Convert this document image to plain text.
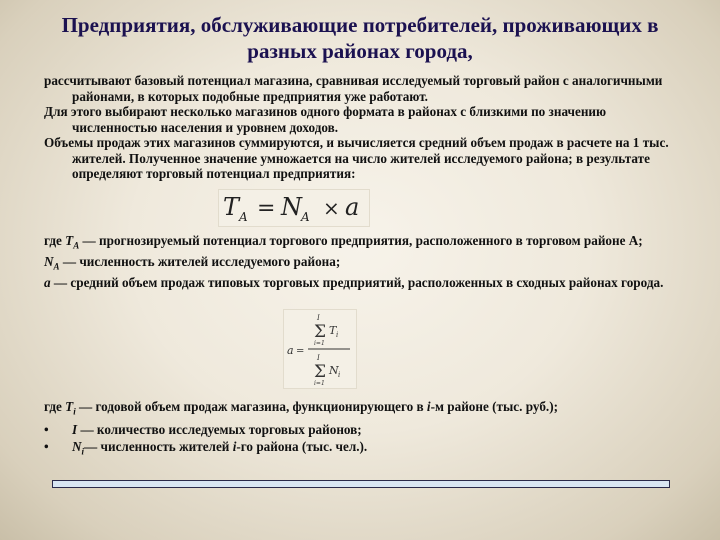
Предприятия, обслуживающие потребителей, проживающих в
разных районах города,

рассчитывают базовый потенциал магазина, сравнивая исследуемый торговый район с аналогичными районами, в которых подобные предприятия уже работают.

Для этого выбирают несколько магазинов одного формата в районах с близкими по значению численностью населения и уровнем доходов.

Объемы продаж этих магазинов суммируются, и вычисляется средний объем продаж в расчете на 1 тыс. жителей. Полученное значение умножается на число жителей исследуемого района; в результате определяют торговый потенциал предприятия:

T A = N A × a

где $T_A$ — прогнозируемый потенциал торгового предприятия, расположенного в торговом районе А;

$N_A$ — численность жителей исследуемого района;

a — средний объем продаж типовых торговых предприятий, расположенных в сходных районах города.

a =
I
Σ T i
i=1
I
Σ N i
i=1

где $T_i$ — годовой объем продаж магазина, функционирующего в i-м районе (тыс. руб.);

• I — количество исследуемых торговых районов;

• $N_i—$ численность жителей i-го района (тыс. чел.).
